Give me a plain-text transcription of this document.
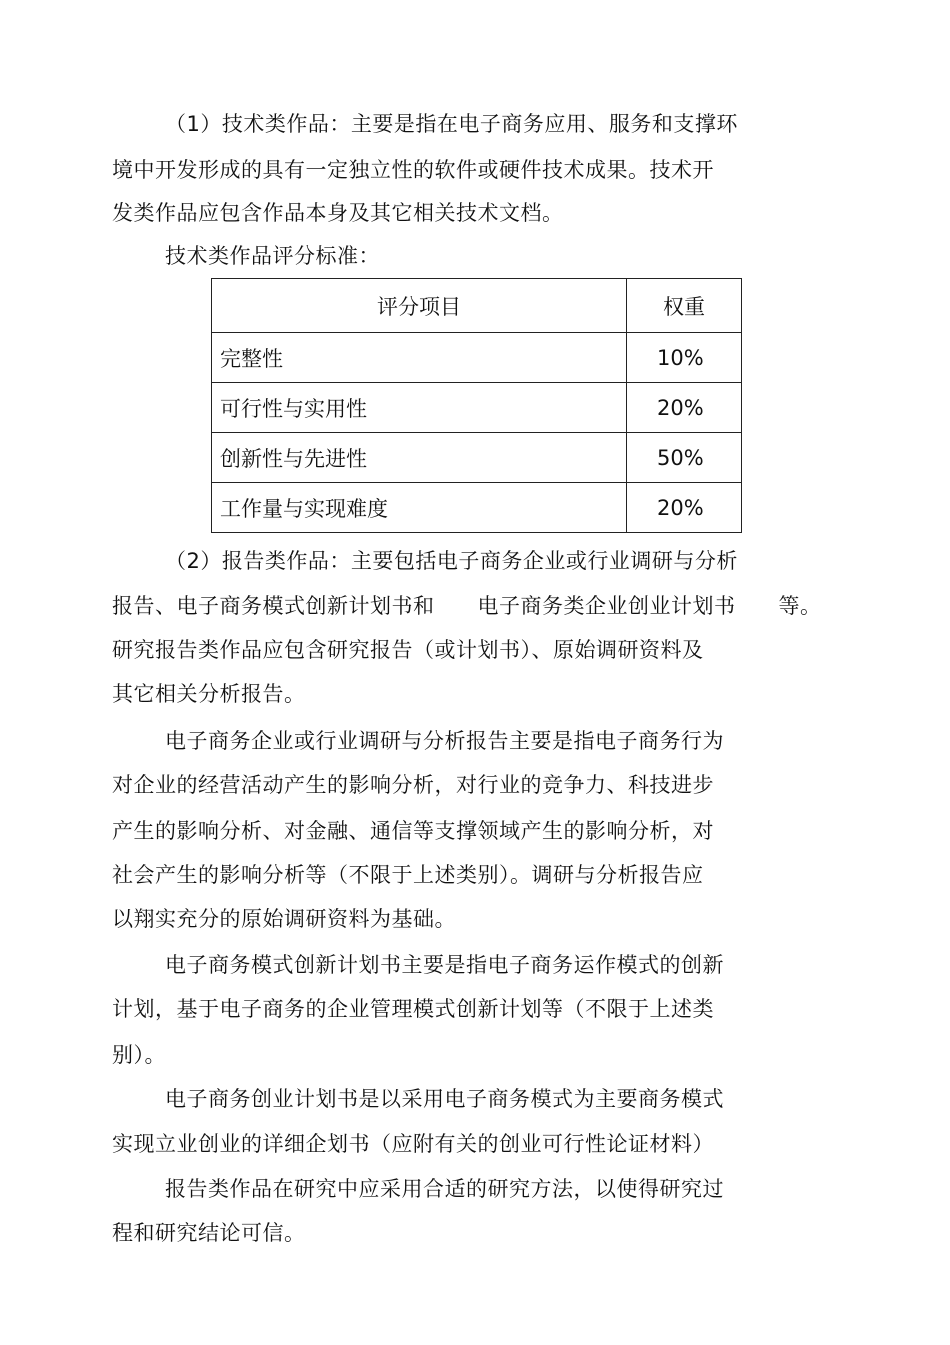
（1）技术类作品：主要是指在电子商务应用、服务和支撑环
境中开发形成的具有一定独立性的软件或硬件技术成果。技术开
发类作品应包含作品本身及其它相关技术文档。
技术类作品评分标准：
评分项目	权重
完整性	10%
可行性与实用性	20%
创新性与先进性	50%
工作量与实现难度	20%
（2）报告类作品：主要包括电子商务企业或行业调研与分析
报告、电子商务模式创新计划书和　　电子商务类企业创业计划书　　等。
研究报告类作品应包含研究报告（或计划书）、原始调研资料及
其它相关分析报告。
电子商务企业或行业调研与分析报告主要是指电子商务行为
对企业的经营活动产生的影响分析，对行业的竞争力、科技进步
产生的影响分析、对金融、通信等支撑领域产生的影响分析，对
社会产生的影响分析等（不限于上述类别）。调研与分析报告应
以翔实充分的原始调研资料为基础。
电子商务模式创新计划书主要是指电子商务运作模式的创新
计划，基于电子商务的企业管理模式创新计划等（不限于上述类
别）。
电子商务创业计划书是以采用电子商务模式为主要商务模式
实现立业创业的详细企划书（应附有关的创业可行性论证材料）
报告类作品在研究中应采用合适的研究方法，以使得研究过
程和研究结论可信。
